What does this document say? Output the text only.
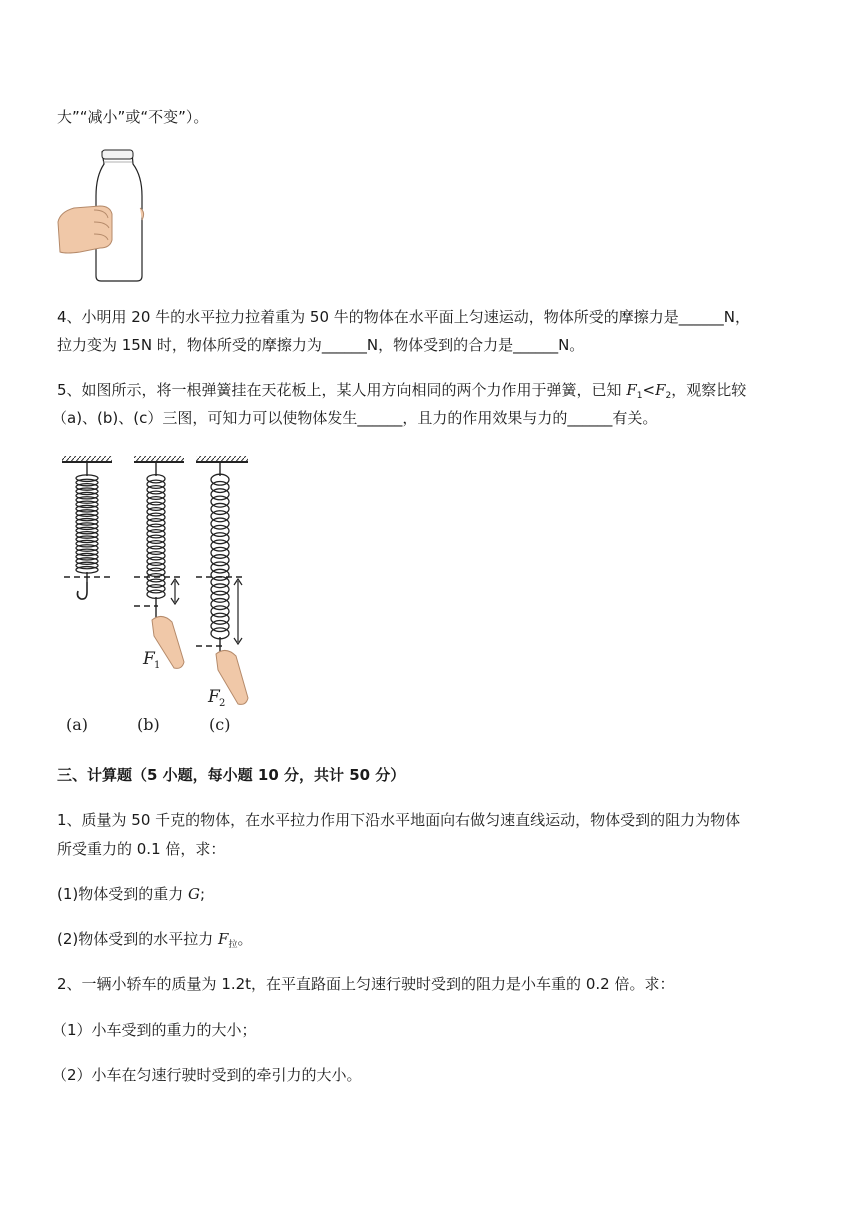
大”“减小”或“不变”）。
4、小明用 20 牛的水平拉力拉着重为 50 牛的物体在水平面上匀速运动，物体所受的摩擦力是______N，
拉力变为 15N 时，物体所受的摩擦力为______N，物体受到的合力是______N。
5、如图所示，将一根弹簧挂在天花板上，某人用方向相同的两个力作用于弹簧，已知 $F_1<F_2$，观察比较
（a)、(b)、(c）三图，可知力可以使物体发生______，且力的作用效果与力的______有关。
F 1
F 2
(a)	(b)	(c)
三、计算题（5 小题，每小题 10 分，共计 50 分）
1、质量为 50 千克的物体，在水平拉力作用下沿水平地面向右做匀速直线运动，物体受到的阻力为物体
所受重力的 0.1 倍，求：
(1)物体受到的重力 G;
(2)物体受到的水平拉力 $F_拉$。
2、一辆小轿车的质量为 1.2t，在平直路面上匀速行驶时受到的阻力是小车重的 0.2 倍。求：
（1）小车受到的重力的大小；
（2）小车在匀速行驶时受到的牵引力的大小。
